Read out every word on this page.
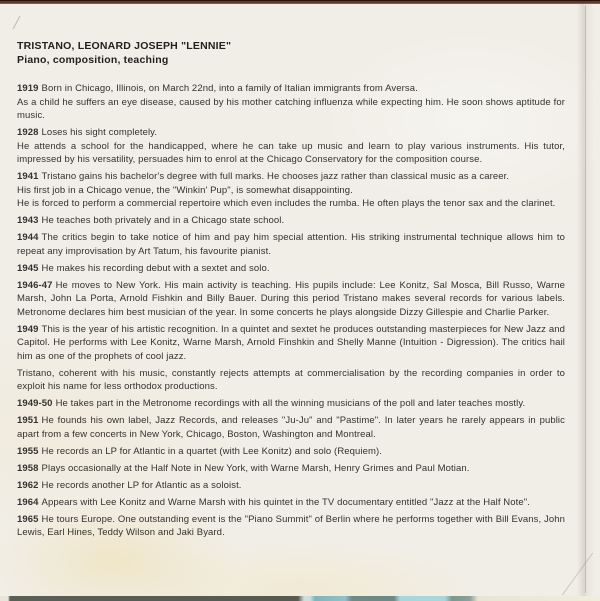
TRISTANO, LEONARD JOSEPH "LENNIE"
Piano, composition, teaching
1919 Born in Chicago, Illinois, on March 22nd, into a family of Italian immigrants from Aversa.
As a child he suffers an eye disease, caused by his mother catching influenza while expecting him. He soon shows aptitude for music.
1928 Loses his sight completely.
He attends a school for the handicapped, where he can take up music and learn to play various instruments. His tutor, impressed by his versatility, persuades him to enrol at the Chicago Conservatory for the composition course.
1941 Tristano gains his bachelor's degree with full marks. He chooses jazz rather than classical music as a career.
His first job in a Chicago venue, the "Winkin' Pup", is somewhat disappointing.
He is forced to perform a commercial repertoire which even includes the rumba. He often plays the tenor sax and the clarinet.
1943 He teaches both privately and in a Chicago state school.
1944 The critics begin to take notice of him and pay him special attention. His striking instrumental technique allows him to repeat any improvisation by Art Tatum, his favourite pianist.
1945 He makes his recording debut with a sextet and solo.
1946-47 He moves to New York. His main activity is teaching. His pupils include: Lee Konitz, Sal Mosca, Bill Russo, Warne Marsh, John La Porta, Arnold Fishkin and Billy Bauer. During this period Tristano makes several records for various labels. Metronome declares him best musician of the year. In some concerts he plays alongside Dizzy Gillespie and Charlie Parker.
1949 This is the year of his artistic recognition. In a quintet and sextet he produces outstanding masterpieces for New Jazz and Capitol. He performs with Lee Konitz, Warne Marsh, Arnold Finshkin and Shelly Manne (Intuition - Digression). The critics hail him as one of the prophets of cool jazz.
Tristano, coherent with his music, constantly rejects attempts at commercialisation by the recording companies in order to exploit his name for less orthodox productions.
1949-50 He takes part in the Metronome recordings with all the winning musicians of the poll and later teaches mostly.
1951 He founds his own label, Jazz Records, and releases "Ju-Ju" and "Pastime". In later years he rarely appears in public apart from a few concerts in New York, Chicago, Boston, Washington and Montreal.
1955 He records an LP for Atlantic in a quartet (with Lee Konitz) and solo (Requiem).
1958 Plays occasionally at the Half Note in New York, with Warne Marsh, Henry Grimes and Paul Motian.
1962 He records another LP for Atlantic as a soloist.
1964 Appears with Lee Konitz and Warne Marsh with his quintet in the TV documentary entitled "Jazz at the Half Note".
1965 He tours Europe. One outstanding event is the "Piano Summit" of Berlin where he performs together with Bill Evans, John Lewis, Earl Hines, Teddy Wilson and Jaki Byard.
